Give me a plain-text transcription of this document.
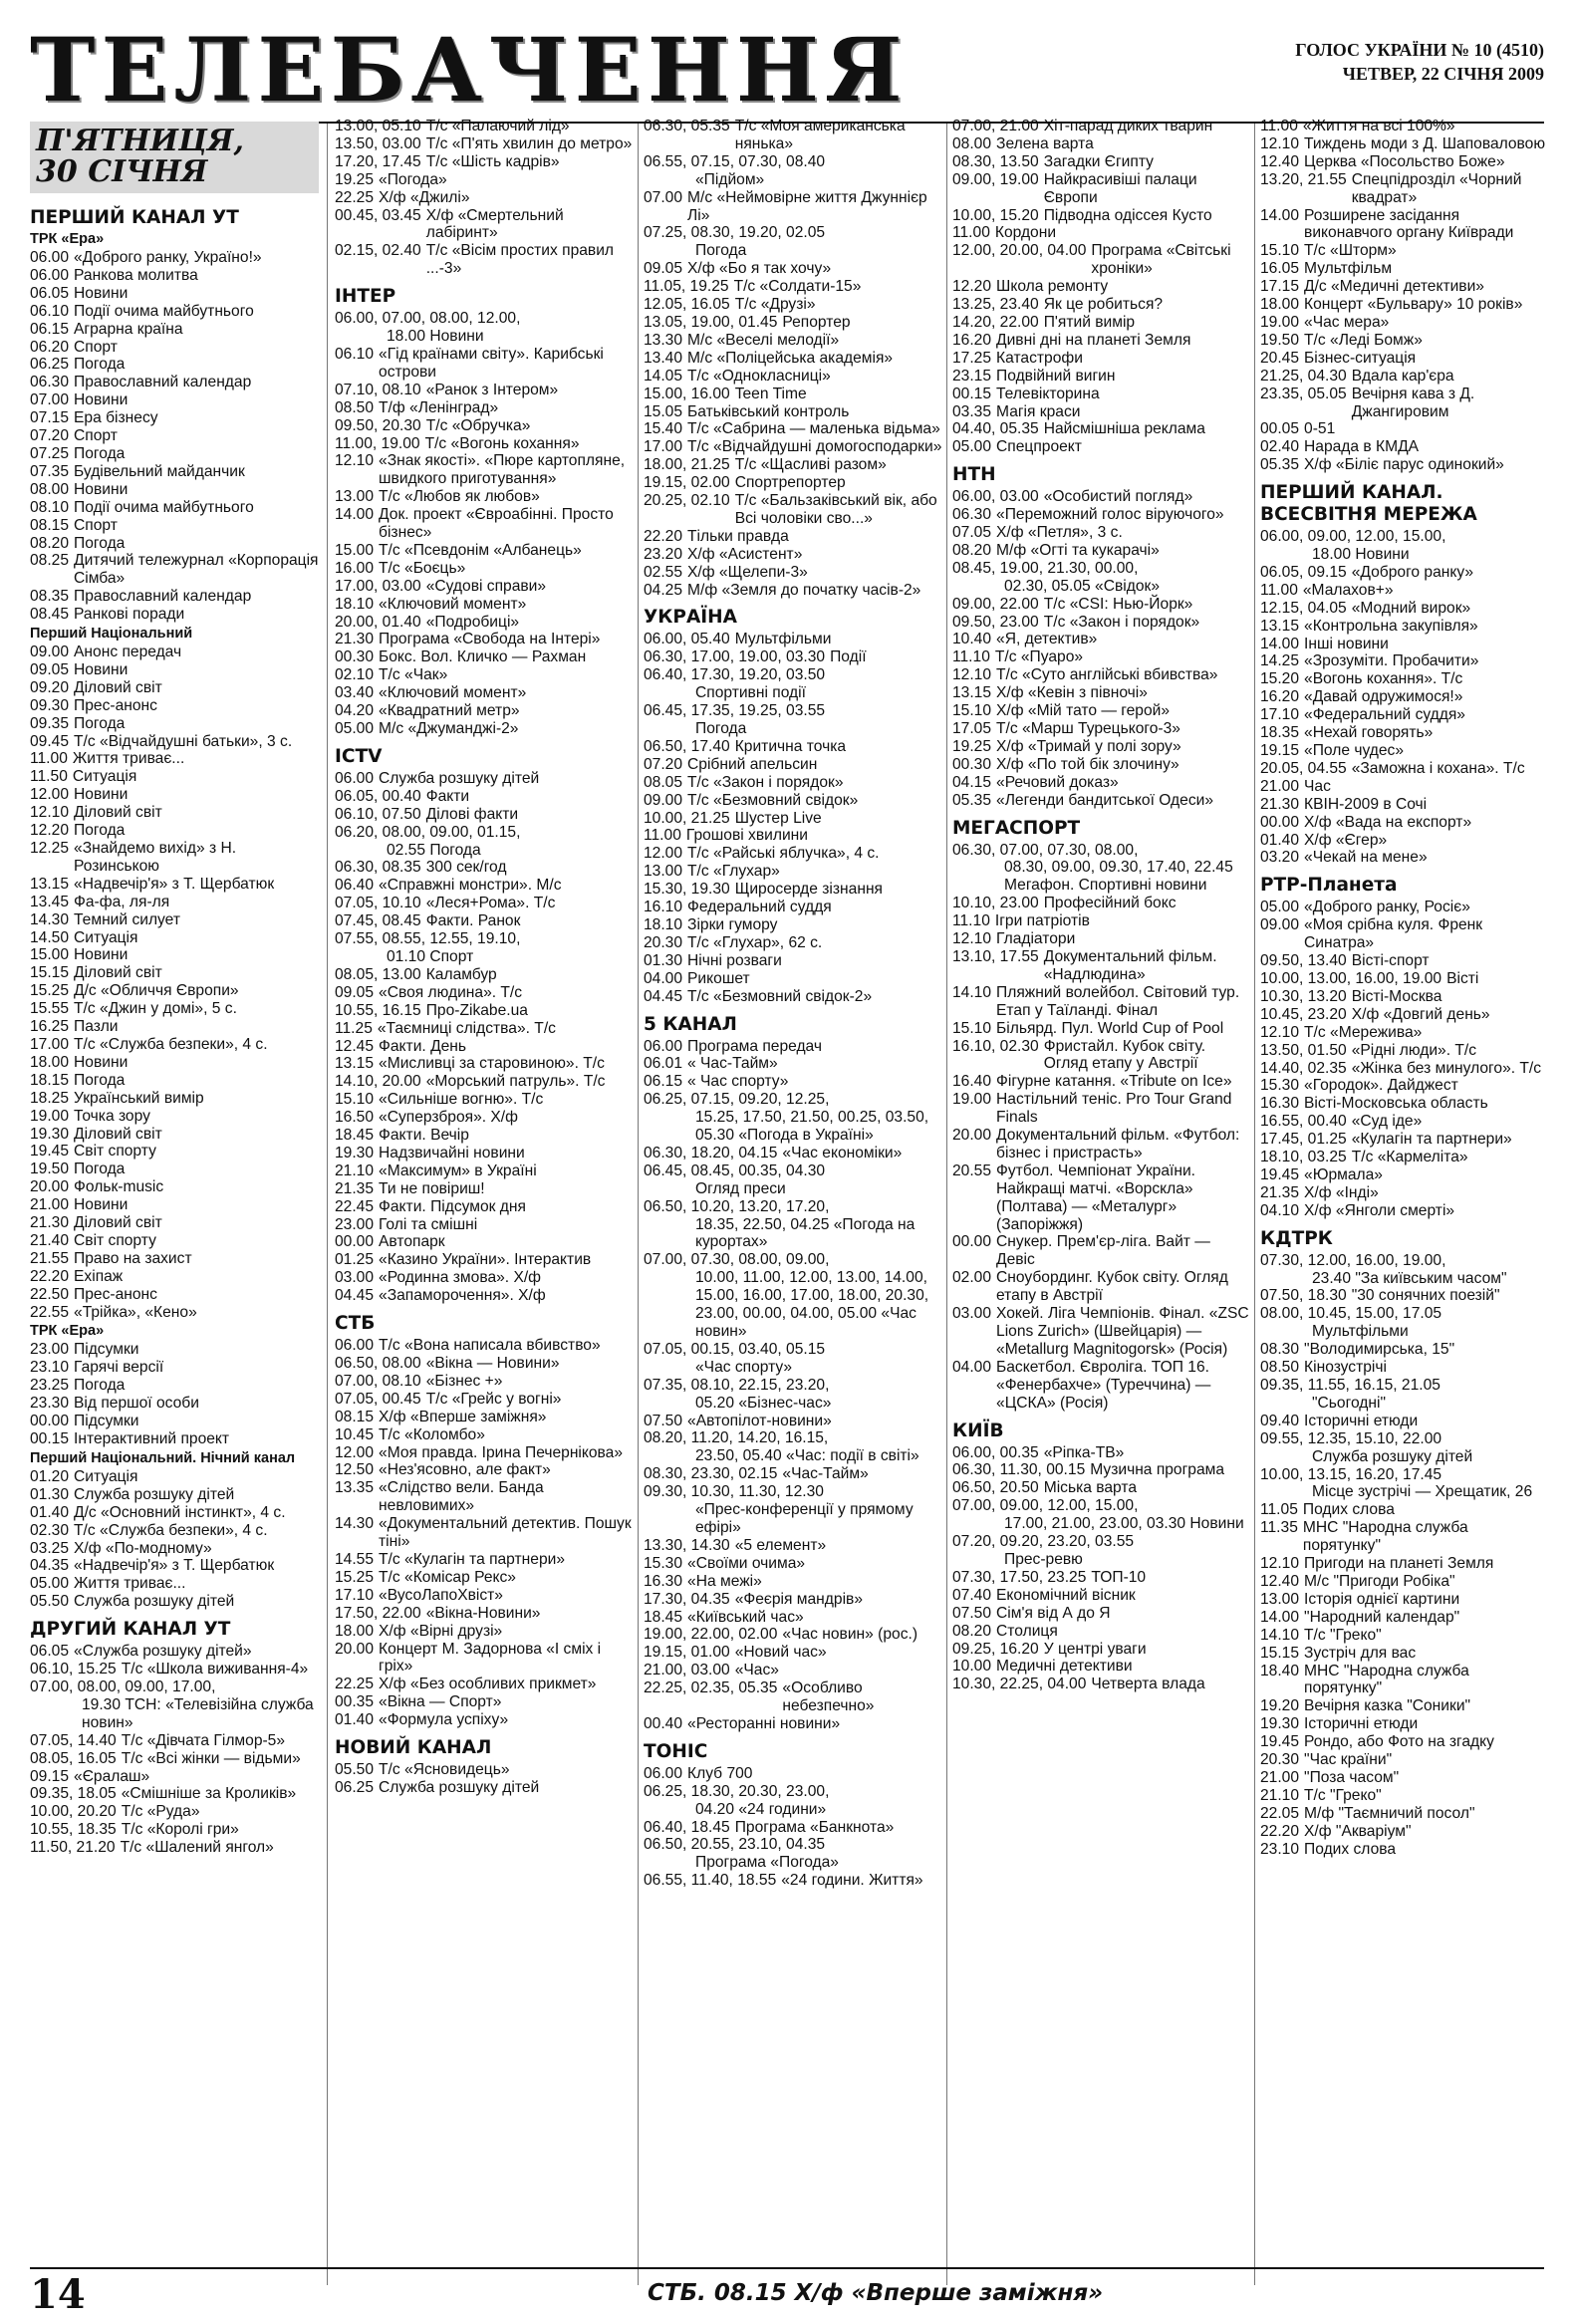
ТЕЛЕБАЧЕННЯ	ГОЛОС УКРАЇНИ № 10 (4510)
ЧЕТВЕР, 22 СІЧНЯ 2009
П'ЯТНИЦЯ,
30 СІЧНЯ
ПЕРШИЙ КАНАЛ УТ
ТРК «Ера»
06.00 «Доброго ранку, Україно!»
06.00 Ранкова молитва
06.05 Новини
06.10 Події очима майбутнього
06.15 Аграрна країна
06.20 Спорт
06.25 Погода
06.30 Православний календар
07.00 Новини
07.15 Ера бізнесу
07.20 Спорт
07.25 Погода
07.35 Будівельний майданчик
08.00 Новини
08.10 Події очима майбутнього
08.15 Спорт
08.20 Погода
08.25 Дитячий тележурнал «Корпорація Сімба»
08.35 Православний календар
08.45 Ранкові поради
Перший Національний
09.00 Анонс передач
09.05 Новини
09.20 Діловий світ
09.30 Прес-анонс
09.35 Погода
09.45 Т/с «Відчайдушні батьки», 3 с.
11.00 Життя триває...
11.50 Ситуація
12.00 Новини
12.10 Діловий світ
12.20 Погода
12.25 «Знайдемо вихід» з Н. Розинською
13.15 «Надвечір'я» з Т. Щербатюк
13.45 Фа-фа, ля-ля
14.30 Темний силует
14.50 Ситуація
15.00 Новини
15.15 Діловий світ
15.25 Д/с «Обличчя Європи»
15.55 Т/с «Джин у домі», 5 с.
16.25 Пазли
17.00 Т/с «Служба безпеки», 4 с.
18.00 Новини
18.15 Погода
18.25 Український вимір
19.00 Точка зору
19.30 Діловий світ
19.45 Світ спорту
19.50 Погода
20.00 Фольк-music
21.00 Новини
21.30 Діловий світ
21.40 Світ спорту
21.55 Право на захист
22.20 Ехіпаж
22.50 Прес-анонс
22.55 «Трійка», «Кено»
ТРК «Ера»
23.00 Підсумки
23.10 Гарячі версії
23.25 Погода
23.30 Від першої особи
00.00 Підсумки
00.15 Інтерактивний проект
Перший Національний. Нічний канал
01.20 Ситуація
01.30 Служба розшуку дітей
01.40 Д/с «Основний інстинкт», 4 с.
02.30 Т/с «Служба безпеки», 4 с.
03.25 Х/ф «По-модному»
04.35 «Надвечір'я» з Т. Щербатюк
05.00 Життя триває...
05.50 Служба розшуку дітей
ДРУГИЙ КАНАЛ УТ
06.05 «Служба розшуку дітей»
06.10, 15.25 Т/с «Школа виживання-4»
07.00, 08.00, 09.00, 17.00,
19.30 ТСН: «Телевізійна служба новин»
07.05, 14.40 Т/с «Дівчата Гілмор-5»
08.05, 16.05 Т/с «Всі жінки — відьми»
09.15 «Єралаш»
09.35, 18.05 «Смішніше за Кроликів»
10.00, 20.20 Т/с «Руда»
10.55, 18.35 Т/с «Королі гри»
11.50, 21.20 Т/с «Шалений янгол»
13.00, 05.10 Т/с «Палаючий лід»
13.50, 03.00 Т/с «П'ять хвилин до метро»
17.20, 17.45 Т/с «Шість кадрів»
19.25 «Погода»
22.25 Х/ф «Джилі»
00.45, 03.45 Х/ф «Смертельний лабіринт»
02.15, 02.40 Т/с «Вісім простих правил ...-3»
ІНТЕР
06.00, 07.00, 08.00, 12.00,
18.00 Новини
06.10 «Гід країнами світу». Карибські острови
07.10, 08.10 «Ранок з Інтером»
08.50 Т/ф «Ленінград»
09.50, 20.30 Т/с «Обручка»
11.00, 19.00 Т/с «Вогонь кохання»
12.10 «Знак якості». «Пюре картопляне, швидкого приготування»
13.00 Т/с «Любов як любов»
14.00 Док. проект «Євроабінні. Просто бізнес»
15.00 Т/с «Псевдонім «Албанець»
16.00 Т/с «Боєць»
17.00, 03.00 «Судові справи»
18.10 «Ключовий момент»
20.00, 01.40 «Подробиці»
21.30 Програма «Свобода на Інтері»
00.30 Бокс. Вол. Кличко — Рахман
02.10 Т/с «Чак»
03.40 «Ключовий момент»
04.20 «Квадратний метр»
05.00 М/с «Джуманджі-2»
ICTV
06.00 Служба розшуку дітей
06.05, 00.40 Факти
06.10, 07.50 Ділові факти
06.20, 08.00, 09.00, 01.15,
02.55 Погода
06.30, 08.35 300 сек/год
06.40 «Справжні монстри». М/с
07.05, 10.10 «Леся+Рома». Т/с
07.45, 08.45 Факти. Ранок
07.55, 08.55, 12.55, 19.10,
01.10 Спорт
08.05, 13.00 Каламбур
09.05 «Своя людина». Т/с
10.55, 16.15 Про-Zikabe.ua
11.25 «Таємниці слідства». Т/с
12.45 Факти. День
13.15 «Мисливці за старовиною». Т/с
14.10, 20.00 «Морський патруль». Т/с
15.10 «Сильніше вогню». Т/с
16.50 «Суперзброя». Х/ф
18.45 Факти. Вечір
19.30 Надзвичайні новини
21.10 «Максимум» в Україні
21.35 Ти не повіриш!
22.45 Факти. Підсумок дня
23.00 Голі та смішні
00.00 Автопарк
01.25 «Казино України». Інтерактив
03.00 «Родинна змова». Х/ф
04.45 «Запаморочення». Х/ф
СТБ
06.00 Т/с «Вона написала вбивство»
06.50, 08.00 «Вікна — Новини»
07.00, 08.10 «Бізнес +»
07.05, 00.45 Т/с «Грейс у вогні»
08.15 Х/ф «Вперше заміжня»
10.45 Т/с «Коломбо»
12.00 «Моя правда. Ірина Печернікова»
12.50 «Нез'ясовно, але факт»
13.35 «Слідство вели. Банда невловимих»
14.30 «Документальний детектив. Пошук тіні»
14.55 Т/с «Кулагін та партнери»
15.25 Т/с «Комісар Рекс»
17.10 «ВусоЛапоХвіст»
17.50, 22.00 «Вікна-Новини»
18.00 Х/ф «Вірні друзі»
20.00 Концерт М. Задорнова «І сміх і гріх»
22.25 Х/ф «Без особливих прикмет»
00.35 «Вікна — Спорт»
01.40 «Формула успіху»
НОВИЙ КАНАЛ
05.50 Т/с «Ясновидець»
06.25 Служба розшуку дітей
06.30, 05.35 Т/с «Моя американська нянька»
06.55, 07.15, 07.30, 08.40
«Підйом»
07.00 М/с «Неймовірне життя Джуннієр Лі»
07.25, 08.30, 19.20, 02.05
Погода
09.05 Х/ф «Бо я так хочу»
11.05, 19.25 Т/с «Солдати-15»
12.05, 16.05 Т/с «Друзі»
13.05, 19.00, 01.45 Репортер
13.30 М/с «Веселі мелодії»
13.40 М/с «Поліцейська академія»
14.05 Т/с «Однокласниці»
15.00, 16.00 Teen Time
15.05 Батьківський контроль
15.40 Т/с «Сабрина — маленька відьма»
17.00 Т/с «Відчайдушні домогосподарки»
18.00, 21.25 Т/с «Щасливі разом»
19.15, 02.00 Спортрепортер
20.25, 02.10 Т/с «Бальзаківський вік, або Всі чоловіки сво...»
22.20 Тільки правда
23.20 Х/ф «Асистент»
02.55 Х/ф «Щелепи-3»
04.25 М/ф «Земля до початку часів-2»
УКРАЇНА
06.00, 05.40 Мультфільми
06.30, 17.00, 19.00, 03.30 Події
06.40, 17.30, 19.20, 03.50
Спортивні події
06.45, 17.35, 19.25, 03.55
Погода
06.50, 17.40 Критична точка
07.20 Срібний апельсин
08.05 Т/с «Закон і порядок»
09.00 Т/с «Безмовний свідок»
10.00, 21.25 Шустер Live
11.00 Грошові хвилини
12.00 Т/с «Райські яблучка», 4 с.
13.00 Т/с «Глухар»
15.30, 19.30 Щиросерде зізнання
16.10 Федеральний суддя
18.10 Зірки гумору
20.30 Т/с «Глухар», 62 с.
01.30 Нічні розваги
04.00 Рикошет
04.45 Т/с «Безмовний свідок-2»
5 КАНАЛ
06.00 Програма передач
06.01 « Час-Тайм»
06.15 « Час спорту»
06.25, 07.15, 09.20, 12.25,
15.25, 17.50, 21.50, 00.25, 03.50, 05.30 «Погода в Україні»
06.30, 18.20, 04.15 «Час економіки»
06.45, 08.45, 00.35, 04.30
Огляд преси
06.50, 10.20, 13.20, 17.20,
18.35, 22.50, 04.25 «Погода на курортах»
07.00, 07.30, 08.00, 09.00,
10.00, 11.00, 12.00, 13.00, 14.00, 15.00, 16.00, 17.00, 18.00, 20.30, 23.00, 00.00, 04.00, 05.00 «Час новин»
07.05, 00.15, 03.40, 05.15
«Час спорту»
07.35, 08.10, 22.15, 23.20,
05.20 «Бізнес-час»
07.50 «Автопілот-новини»
08.20, 11.20, 14.20, 16.15,
23.50, 05.40 «Час: події в світі»
08.30, 23.30, 02.15 «Час-Тайм»
09.30, 10.30, 11.30, 12.30
«Прес-конференції у прямому ефірі»
13.30, 14.30 «5 елемент»
15.30 «Своїми очима»
16.30 «На межі»
17.30, 04.35 «Феєрія мандрів»
18.45 «Київський час»
19.00, 22.00, 02.00 «Час новин» (рос.)
19.15, 01.00 «Новий час»
21.00, 03.00 «Час»
22.25, 02.35, 05.35 «Особливо небезпечно»
00.40 «Ресторанні новини»
ТОНІС
06.00 Клуб 700
06.25, 18.30, 20.30, 23.00,
04.20 «24 години»
06.40, 18.45 Програма «Банкнота»
06.50, 20.55, 23.10, 04.35
Програма «Погода»
06.55, 11.40, 18.55 «24 години. Життя»
07.00, 21.00 Хіт-парад диких тварин
08.00 Зелена варта
08.30, 13.50 Загадки Єгипту
09.00, 19.00 Найкрасивіші палаци Європи
10.00, 15.20 Підводна одіссея Кусто
11.00 Кордони
12.00, 20.00, 04.00 Програма «Світські хроніки»
12.20 Школа ремонту
13.25, 23.40 Як це робиться?
14.20, 22.00 П'ятий вимір
16.20 Дивні дні на планеті Земля
17.25 Катастрофи
23.15 Подвійний вигин
00.15 Телевікторина
03.35 Магія краси
04.40, 05.35 Найсмішніша реклама
05.00 Спецпроект
НТН
06.00, 03.00 «Особистий погляд»
06.30 «Переможний голос віруючого»
07.05 Х/ф «Петля», 3 с.
08.20 М/ф «Огті та кукарачі»
08.45, 19.00, 21.30, 00.00,
02.30, 05.05 «Свідок»
09.00, 22.00 Т/с «CSI: Нью-Йорк»
09.50, 23.00 Т/с «Закон і порядок»
10.40 «Я, детектив»
11.10 Т/с «Пуаро»
12.10 Т/с «Суто англійські вбивства»
13.15 Х/ф «Кевін з півночі»
15.10 Х/ф «Мій тато — герой»
17.05 Т/с «Марш Турецького-3»
19.25 Х/ф «Тримай у полі зору»
00.30 Х/ф «По той бік злочину»
04.15 «Речовий доказ»
05.35 «Легенди бандитської Одеси»
МЕГАСПОРТ
06.30, 07.00, 07.30, 08.00,
08.30, 09.00, 09.30, 17.40, 22.45 Мегафон. Спортивні новини
10.10, 23.00 Професійний бокс
11.10 Ігри патріотів
12.10 Гладіатори
13.10, 17.55 Документальний фільм. «Надлюдина»
14.10 Пляжний волейбол. Світовий тур. Етап у Таїланді. Фінал
15.10 Більярд. Пул. World Cup of Pool
16.10, 02.30 Фристайл. Кубок світу. Огляд етапу у Австрії
16.40 Фігурне катання. «Tribute on Ice»
19.00 Настільний теніс. Pro Tour Grand Finals
20.00 Документальний фільм. «Футбол: бізнес і пристрасть»
20.55 Футбол. Чемпіонат України. Найкращі матчі. «Ворскла» (Полтава) — «Металург» (Запоріжжя)
00.00 Снукер. Прем'єр-ліга. Вайт — Девіс
02.00 Сноубординг. Кубок світу. Огляд етапу в Австрії
03.00 Хокей. Ліга Чемпіонів. Фінал. «ZSC Lions Zurich» (Швейцарія) — «Metallurg Magnitogorsk» (Росія)
04.00 Баскетбол. Євроліга. ТОП 16. «Фенербахче» (Туреччина) — «ЦСКА» (Росія)
КИЇВ
06.00, 00.35 «Ріпка-ТВ»
06.30, 11.30, 00.15 Музична програма
06.50, 20.50 Міська варта
07.00, 09.00, 12.00, 15.00,
17.00, 21.00, 23.00, 03.30 Новини
07.20, 09.20, 23.20, 03.55
Прес-ревю
07.30, 17.50, 23.25 ТОП-10
07.40 Економічний вісник
07.50 Сім'я від А до Я
08.20 Столиця
09.25, 16.20 У центрі уваги
10.00 Медичні детективи
10.30, 22.25, 04.00 Четверта влада
11.00 «Життя на всі 100%»
12.10 Тиждень моди з Д. Шаповаловою
12.40 Церква «Посольство Боже»
13.20, 21.55 Спецпідрозділ «Чорний квадрат»
14.00 Розширене засідання виконавчого органу Київради
15.10 Т/с «Шторм»
16.05 Мультфільм
17.15 Д/с «Медичні детективи»
18.00 Концерт «Бульвару» 10 років»
19.00 «Час мера»
19.50 Т/с «Леді Бомж»
20.45 Бізнес-ситуація
21.25, 04.30 Вдала кар'єра
23.35, 05.05 Вечірня кава з Д. Джангировим
00.05 0-51
02.40 Нарада в КМДА
05.35 Х/ф «Біліє парус одинокий»
ПЕРШИЙ КАНАЛ. ВСЕСВІТНЯ МЕРЕЖА
06.00, 09.00, 12.00, 15.00,
18.00 Новини
06.05, 09.15 «Доброго ранку»
11.00 «Малахов+»
12.15, 04.05 «Модний вирок»
13.15 «Контрольна закупівля»
14.00 Інші новини
14.25 «Зрозуміти. Пробачити»
15.20 «Вогонь кохання». Т/с
16.20 «Давай одружимося!»
17.10 «Федеральний суддя»
18.35 «Нехай говорять»
19.15 «Поле чудес»
20.05, 04.55 «Заможна і кохана». Т/с
21.00 Час
21.30 КВІН-2009 в Сочі
00.00 Х/ф «Вада на експорт»
01.40 Х/ф «Єгер»
03.20 «Чекай на мене»
РТР-Планета
05.00 «Доброго ранку, Росіє»
09.00 «Моя срібна куля. Френк Синатра»
09.50, 13.40 Вісті-спорт
10.00, 13.00, 16.00, 19.00 Вісті
10.30, 13.20 Вісті-Москва
10.45, 23.20 Х/ф «Довгий день»
12.10 Т/с «Мережива»
13.50, 01.50 «Рідні люди». Т/с
14.40, 02.35 «Жінка без минулого». Т/с
15.30 «Городок». Дайджест
16.30 Вісті-Московська область
16.55, 00.40 «Суд іде»
17.45, 01.25 «Кулагін та партнери»
18.10, 03.25 Т/с «Кармеліта»
19.45 «Юрмала»
21.35 Х/ф «Інді»
04.10 Х/ф «Янголи смерті»
КДТРК
07.30, 12.00, 16.00, 19.00,
23.40 "За київським часом"
07.50, 18.30 "30 сонячних поезій"
08.00, 10.45, 15.00, 17.05
Мультфільми
08.30 "Володимирська, 15"
08.50 Кінозустрічі
09.35, 11.55, 16.15, 21.05
"Сьогодні"
09.40 Історичні етюди
09.55, 12.35, 15.10, 22.00
Служба розшуку дітей
10.00, 13.15, 16.20, 17.45
Місце зустрічі — Хрещатик, 26
11.05 Подих слова
11.35 МНС "Народна служба порятунку"
12.10 Пригоди на планеті Земля
12.40 М/с "Пригоди Робіка"
13.00 Історія однієї картини
14.00 "Народний календар"
14.10 Т/с "Греко"
15.15 Зустріч для вас
18.40 МНС "Народна служба порятунку"
19.20 Вечірня казка "Соники"
19.30 Історичні етюди
19.45 Рондо, або Фото на згадку
20.30 "Час країни"
21.00 "Поза часом"
21.10 Т/с "Греко"
22.05 М/ф "Таємничий посол"
22.20 Х/ф "Акваріум"
23.10 Подих слова
14	СТБ. 08.15 Х/ф «Вперше заміжня»
